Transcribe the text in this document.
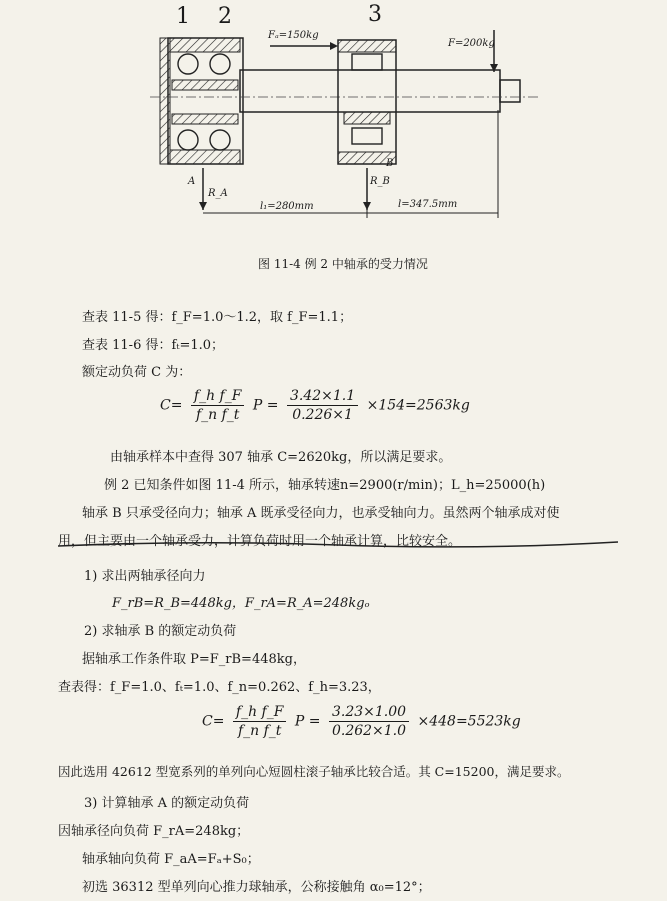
1 2	3
Fₐ=150kg
F=200kg
A
B
R_A
R_B
l₁=280mm	l=347.5mm
图 11-4 例 2 中轴承的受力情况
查表 11-5 得：f_F=1.0～1.2，取 f_F=1.1；
查表 11-6 得：fₜ=1.0；
额定动负荷 C 为：
$C= \frac{\text{f\_h f\_F}}{\text{f\_n f\_t}}$ $P = \frac{3.42\times 1.1}{0.226\times 1} \times 154=2563kg$
由轴承样本中查得 307 轴承 C=2620kg，所以满足要求。
例 2 已知条件如图 11-4 所示，轴承转速n=2900(r/min)；L_h=25000(h)
轴承 B 只承受径向力；轴承 A 既承受径向力，也承受轴向力。虽然两个轴承成对使
用，但主要由一个轴承受力，计算负荷时用一个轴承计算，比较安全。
1) 求出两轴承径向力
F_rB=R_B=448kg，F_rA=R_A=248kgₒ
2) 求轴承 B 的额定动负荷
据轴承工作条件取 P=F_rB=448kg，
查表得：f_F=1.0、fₜ=1.0、f_n=0.262、f_h=3.23，
$C= \frac{\text{f\_h f\_F}}{\text{f\_n f\_t}}$ $P = \frac{3.23\times 1.00}{0.262\times 1.0} \times 448=5523kg$
因此选用 42612 型宽系列的单列向心短圆柱滚子轴承比较合适。其 C=15200，满足要求。
3) 计算轴承 A 的额定动负荷
因轴承径向负荷 F_rA=248kg；
轴承轴向负荷 F_aA=Fₐ+S₀；
初选 36312 型单列向心推力球轴承，公称接触角 α₀=12°；
